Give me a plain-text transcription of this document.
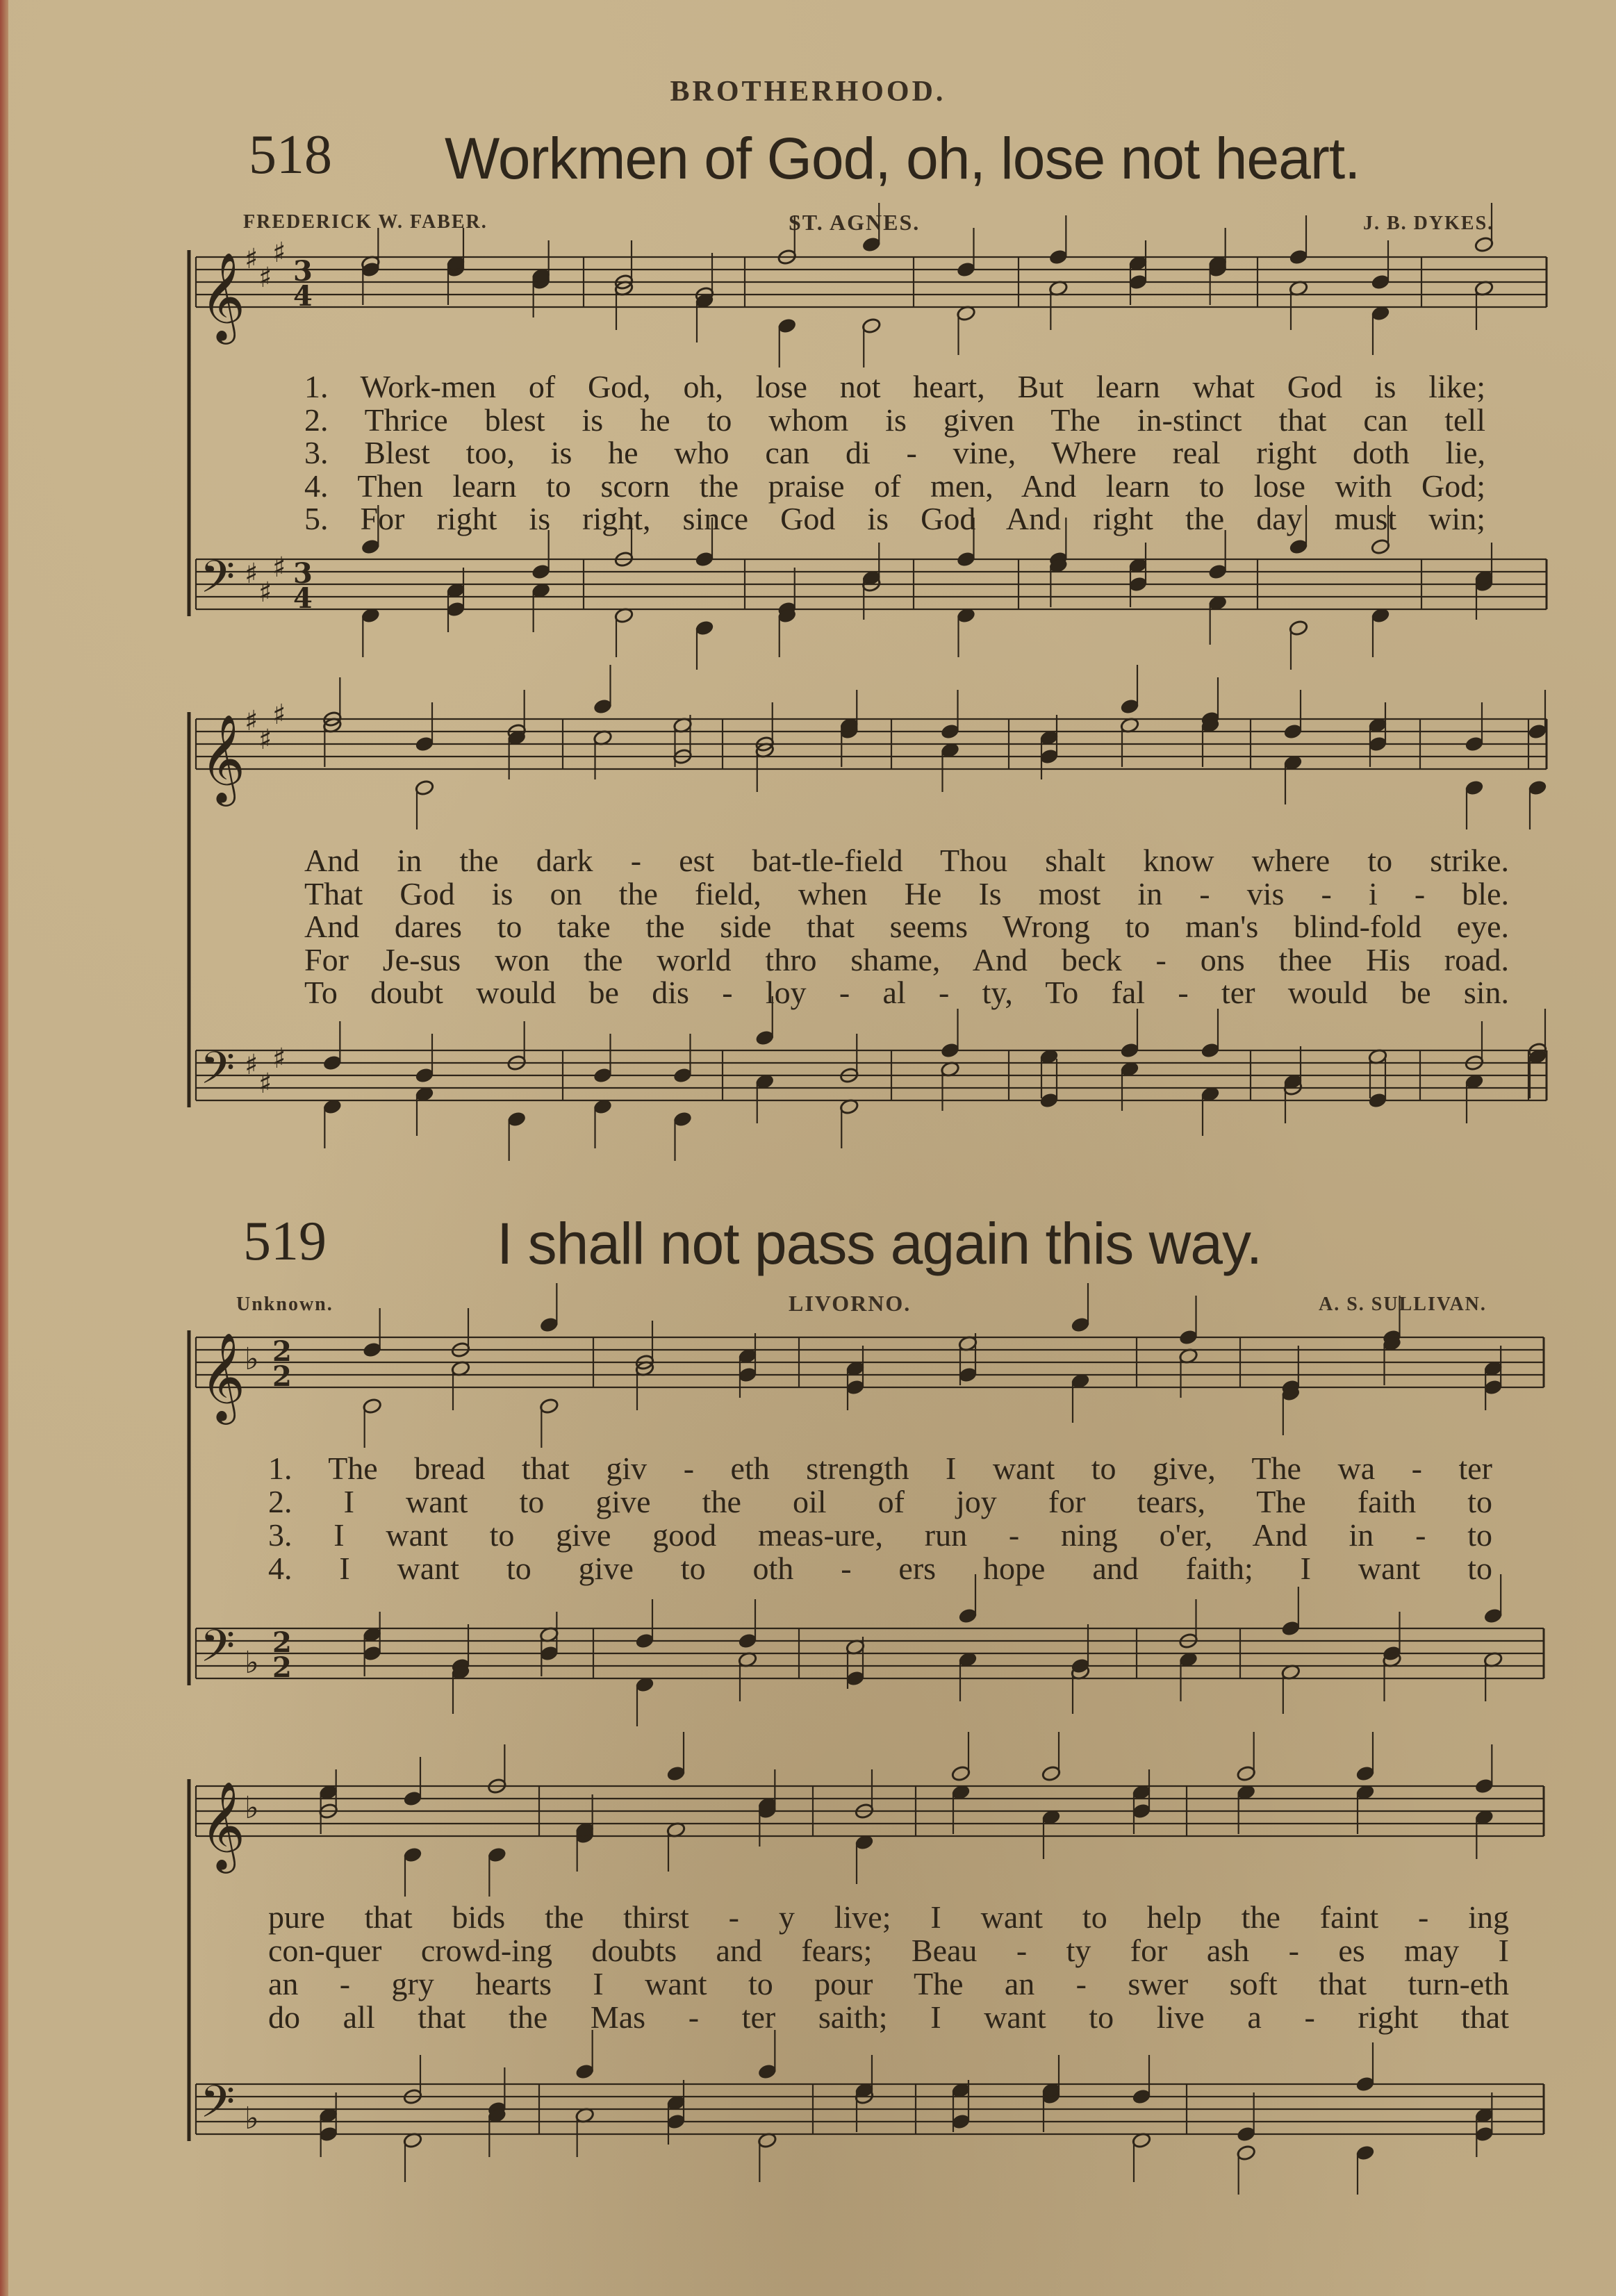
BROTHERHOOD.
518 Workmen of God, oh, lose not heart.
FREDERICK W. FABER.	ST. AGNES.	J. B. DYKES.
519	I shall not pass again this way.
Unknown.	LIVORNO.	A. S. SULLIVAN.
𝄞
♯
♯
♯
𝄢 ♯
♯
♯
𝄞
♯
♯
♯
𝄢 ♯
♯
♯
𝄞
♭
𝄢 ♭
𝄞
♭
𝄢 ♭
3
4
3
4
2
2
2
2
1. Work-men of God, oh, lose not heart, But learn what God is like;
2. Thrice blest is he to whom is given The in-stinct that can tell
3. Blest too, is he who can di - vine, Where real right doth lie,
4. Then learn to scorn the praise of men, And learn to lose with God;
5. For right is right, since God is God And right the day must win;
And in the dark - est bat-tle-field Thou shalt know where to strike.
That God is on the field, when He Is most in - vis - i - ble.
And dares to take the side that seems Wrong to man's blind-fold eye.
For Je-sus won the world thro shame, And beck - ons thee His road.
To doubt would be dis - loy - al - ty, To fal - ter would be sin.
1. The bread that giv - eth strength I want to give, The wa - ter
2. I want to give the oil of joy for tears, The faith to
3. I want to give good meas-ure, run - ning o'er, And in - to
4. I want to give to oth - ers hope and faith; I want to
pure that bids the thirst - y live; I want to help the faint - ing
con-quer crowd-ing doubts and fears; Beau - ty for ash - es may I
an - gry hearts I want to pour The an - swer soft that turn-eth
do all that the Mas - ter saith; I want to live a - right that
